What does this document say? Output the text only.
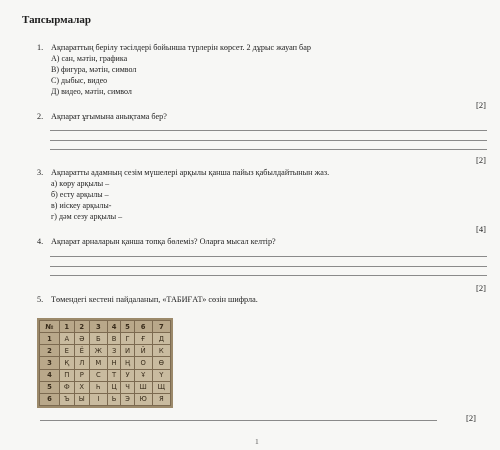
Тапсырмалар
1. Ақпараттың берілу тәсілдері бойынша түрлерін көрсет. 2 дұрыс жауап бар
А) сан, мәтін, графика
В) фигура, мәтін, символ
С) дыбыс, видео
Д) видео, мәтін, символ
[2]
2. Ақпарат ұғымына анықтама бер?
[2]
3. Ақпаратты адамның сезім мүшелері арқылы қанша пайыз қабылдайтынын жаз.
а) көру арқылы –
б) есту арқылы –
в) иіскеу арқылы-
г) дәм сезу арқылы –
[4]
4. Ақпарат арналарын қанша топқа бөлеміз? Оларға мысал келтір?
[2]
5. Төмендегі кестені пайдаланып, «ТАБИҒАТ» сөзін шифрла.
№	1	2	3	4	5	6	7
1	А	Ә	Б	В	Г	Ғ	Д
2	Е	Ё	Ж	З	И	Й	К
3	Қ	Л	М	Н	Ң	О	Ө
4	П	Р	С	Т	У	Ұ	Ү
5	Ф	Х	Һ	Ц	Ч	Ш	Щ
6	Ъ	Ы	І	Ь	Э	Ю	Я
[2]
1
